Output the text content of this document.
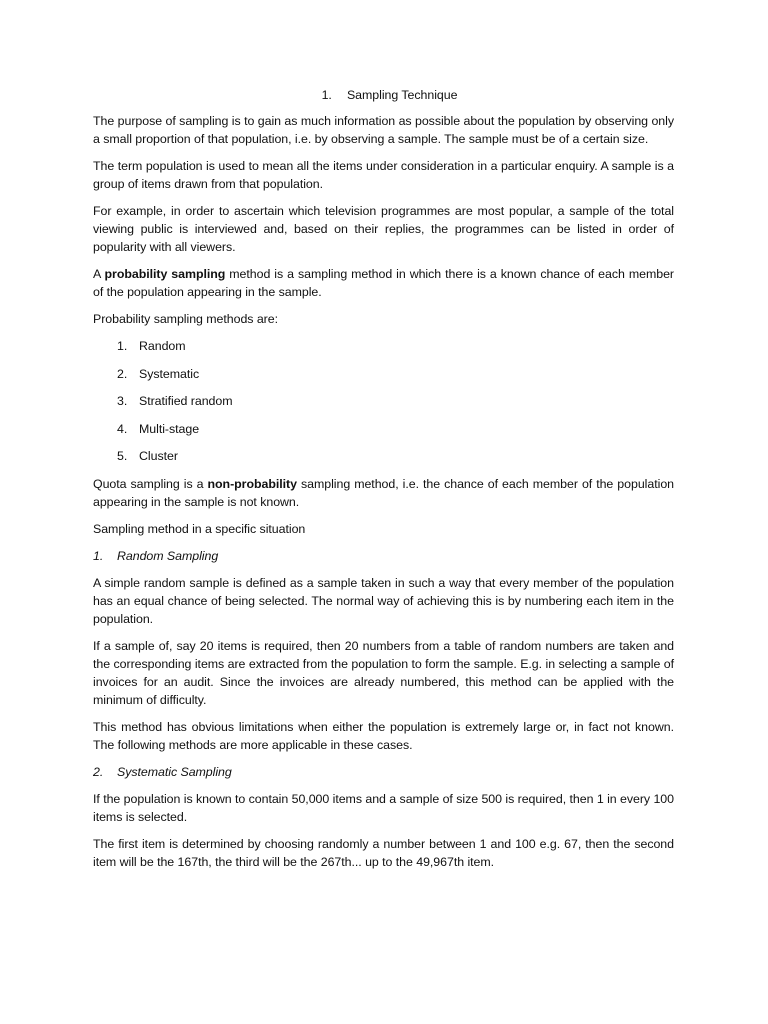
1. Sampling Technique

The purpose of sampling is to gain as much information as possible about the population by observing only a small proportion of that population, i.e. by observing a sample. The sample must be of a certain size.

The term population is used to mean all the items under consideration in a particular enquiry. A sample is a group of items drawn from that population.

For example, in order to ascertain which television programmes are most popular, a sample of the total viewing public is interviewed and, based on their replies, the programmes can be listed in order of popularity with all viewers.

A probability sampling method is a sampling method in which there is a known chance of each member of the population appearing in the sample.

Probability sampling methods are:

1. Random
2. Systematic
3. Stratified random
4. Multi-stage
5. Cluster

Quota sampling is a non-probability sampling method, i.e. the chance of each member of the population appearing in the sample is not known.

Sampling method in a specific situation

1. Random Sampling

A simple random sample is defined as a sample taken in such a way that every member of the population has an equal chance of being selected. The normal way of achieving this is by numbering each item in the population.

If a sample of, say 20 items is required, then 20 numbers from a table of random numbers are taken and the corresponding items are extracted from the population to form the sample. E.g. in selecting a sample of invoices for an audit. Since the invoices are already numbered, this method can be applied with the minimum of difficulty.

This method has obvious limitations when either the population is extremely large or, in fact not known. The following methods are more applicable in these cases.

2. Systematic Sampling

If the population is known to contain 50,000 items and a sample of size 500 is required, then 1 in every 100 items is selected.

The first item is determined by choosing randomly a number between 1 and 100 e.g. 67, then the second item will be the 167th, the third will be the 267th... up to the 49,967th item.
